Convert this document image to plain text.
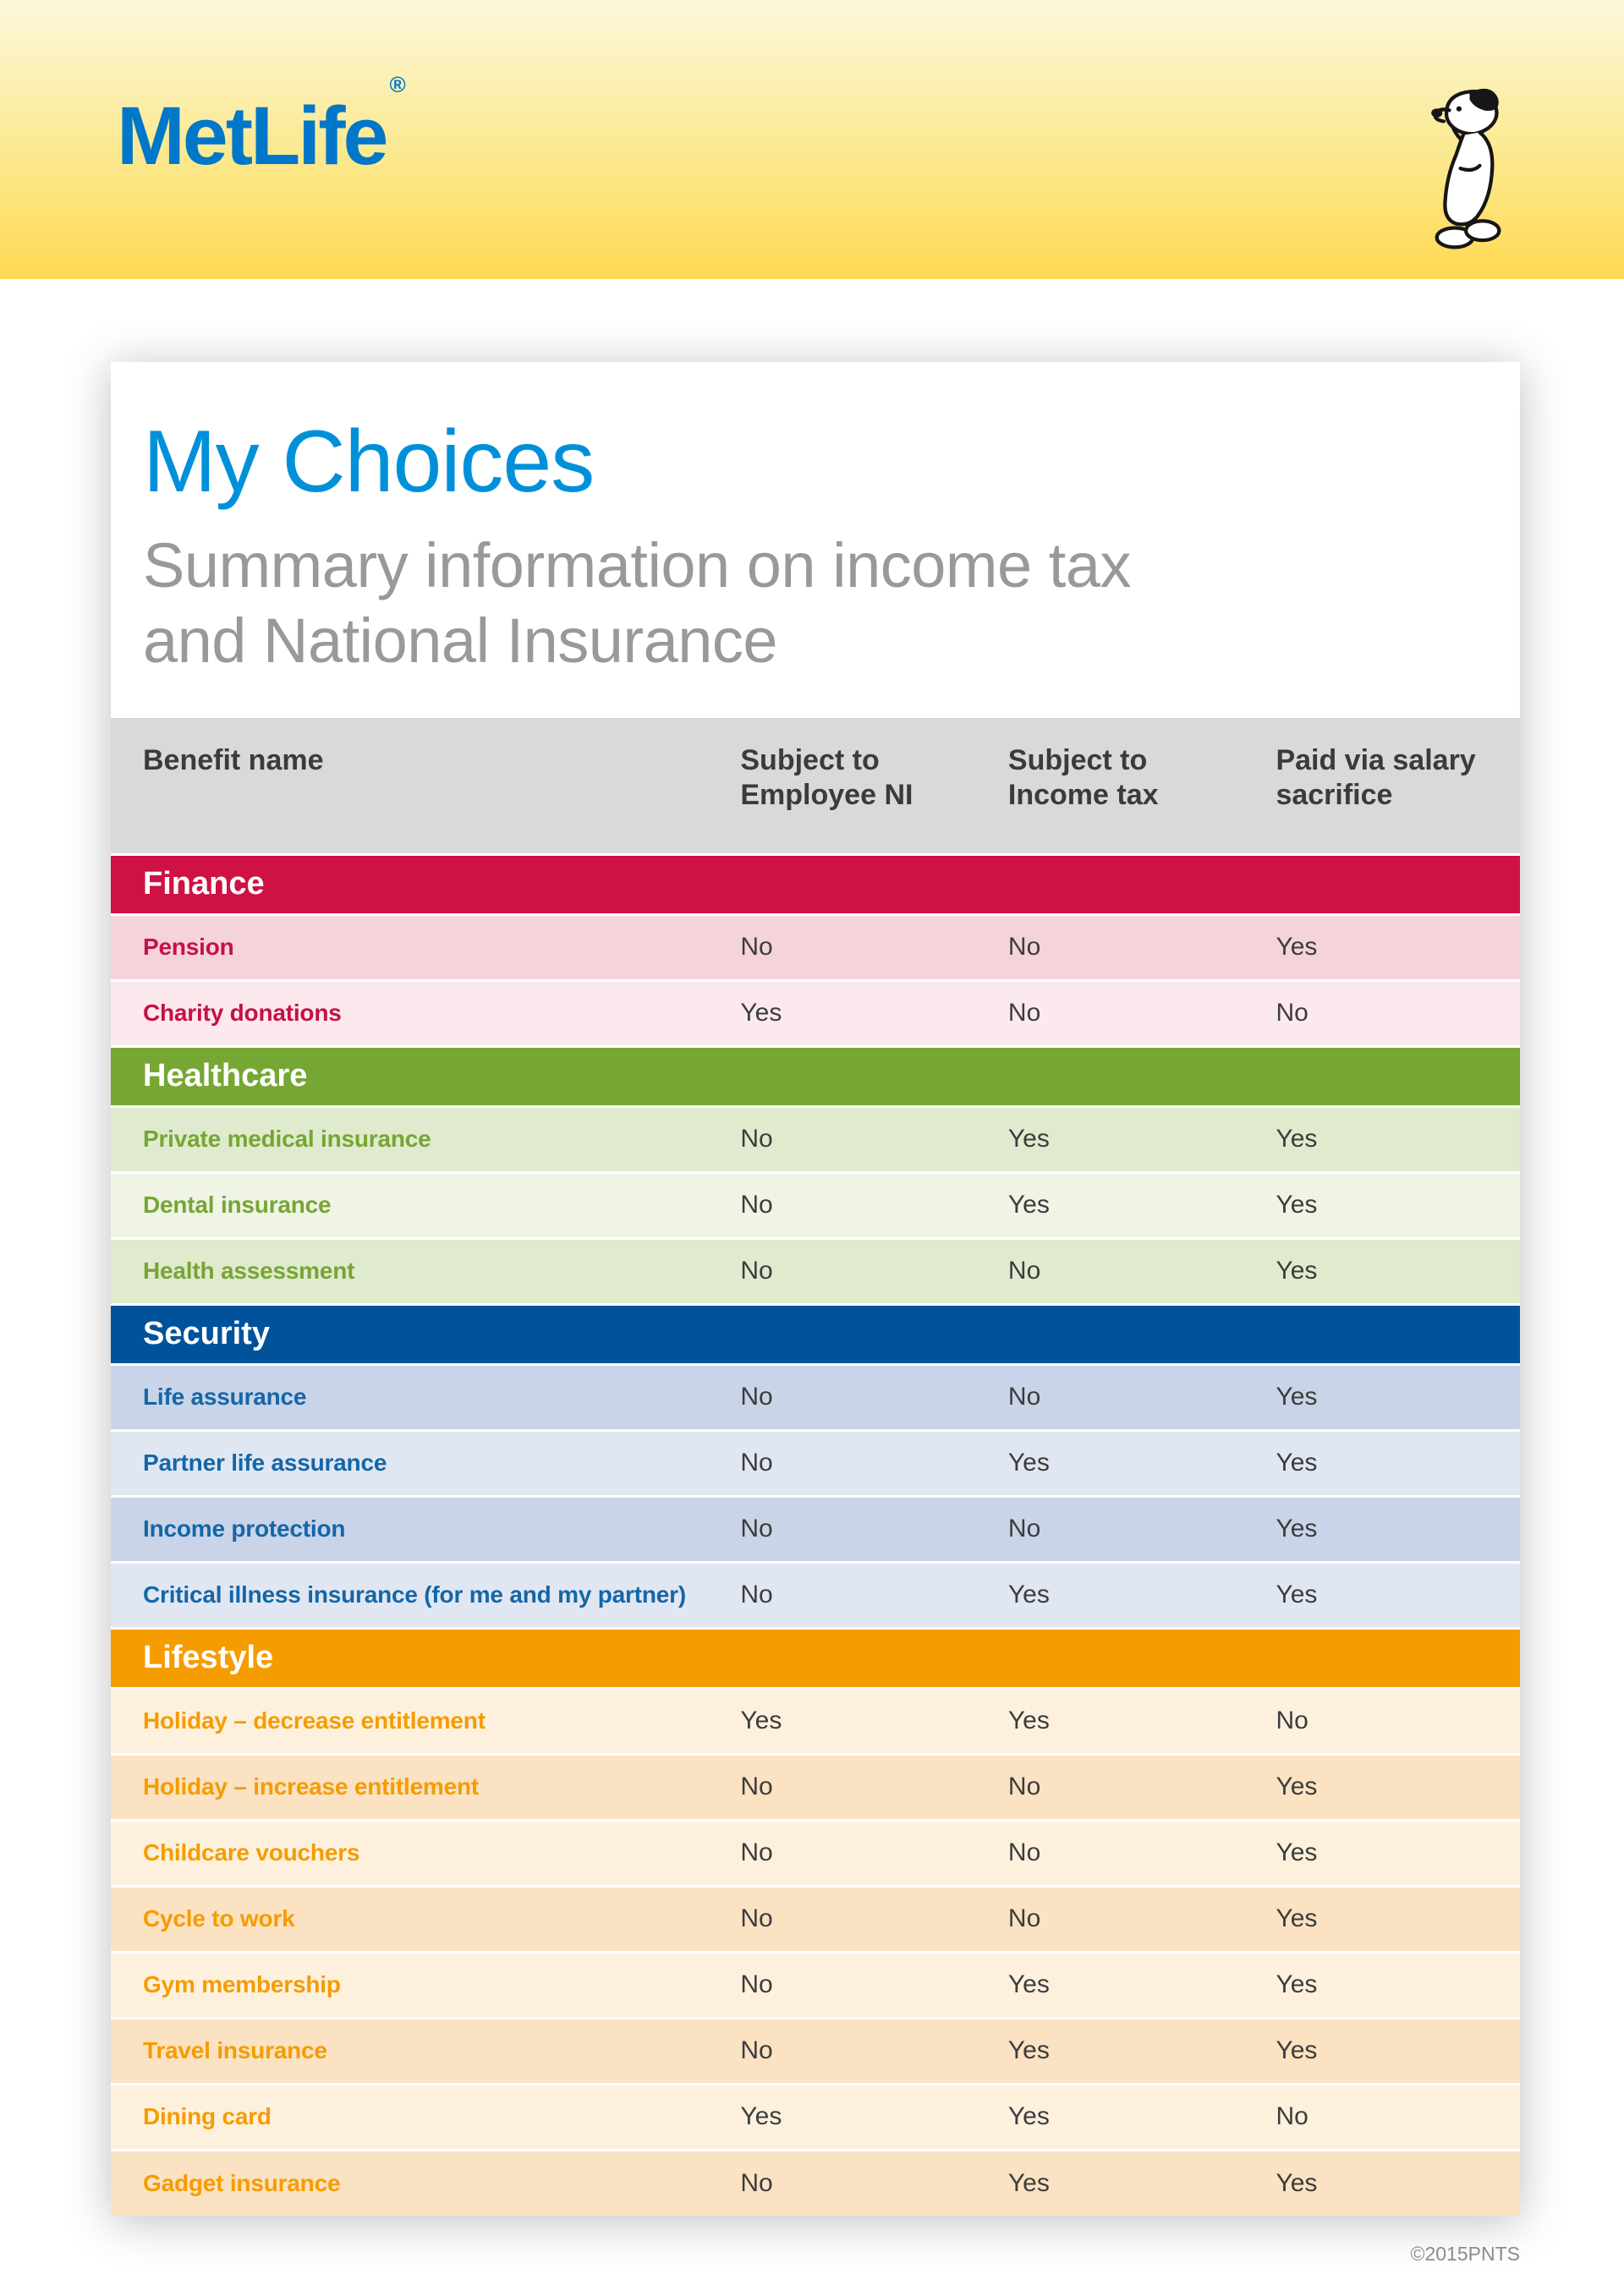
MetLife®
My Choices
Summary information on income tax
and National Insurance
Benefit name	Subject to Employee NI	Subject to Income tax	Paid via salary sacrifice
Finance			
Pension	No	No	Yes
Charity donations	Yes	No	No
Healthcare			
Private medical insurance	No	Yes	Yes
Dental insurance	No	Yes	Yes
Health assessment	No	No	Yes
Security			
Life assurance	No	No	Yes
Partner life assurance	No	Yes	Yes
Income protection	No	No	Yes
Critical illness insurance (for me and my partner)	No	Yes	Yes
Lifestyle			
Holiday – decrease entitlement	Yes	Yes	No
Holiday – increase entitlement	No	No	Yes
Childcare vouchers	No	No	Yes
Cycle to work	No	No	Yes
Gym membership	No	Yes	Yes
Travel insurance	No	Yes	Yes
Dining card	Yes	Yes	No
Gadget insurance	No	Yes	Yes
©2015PNTS
